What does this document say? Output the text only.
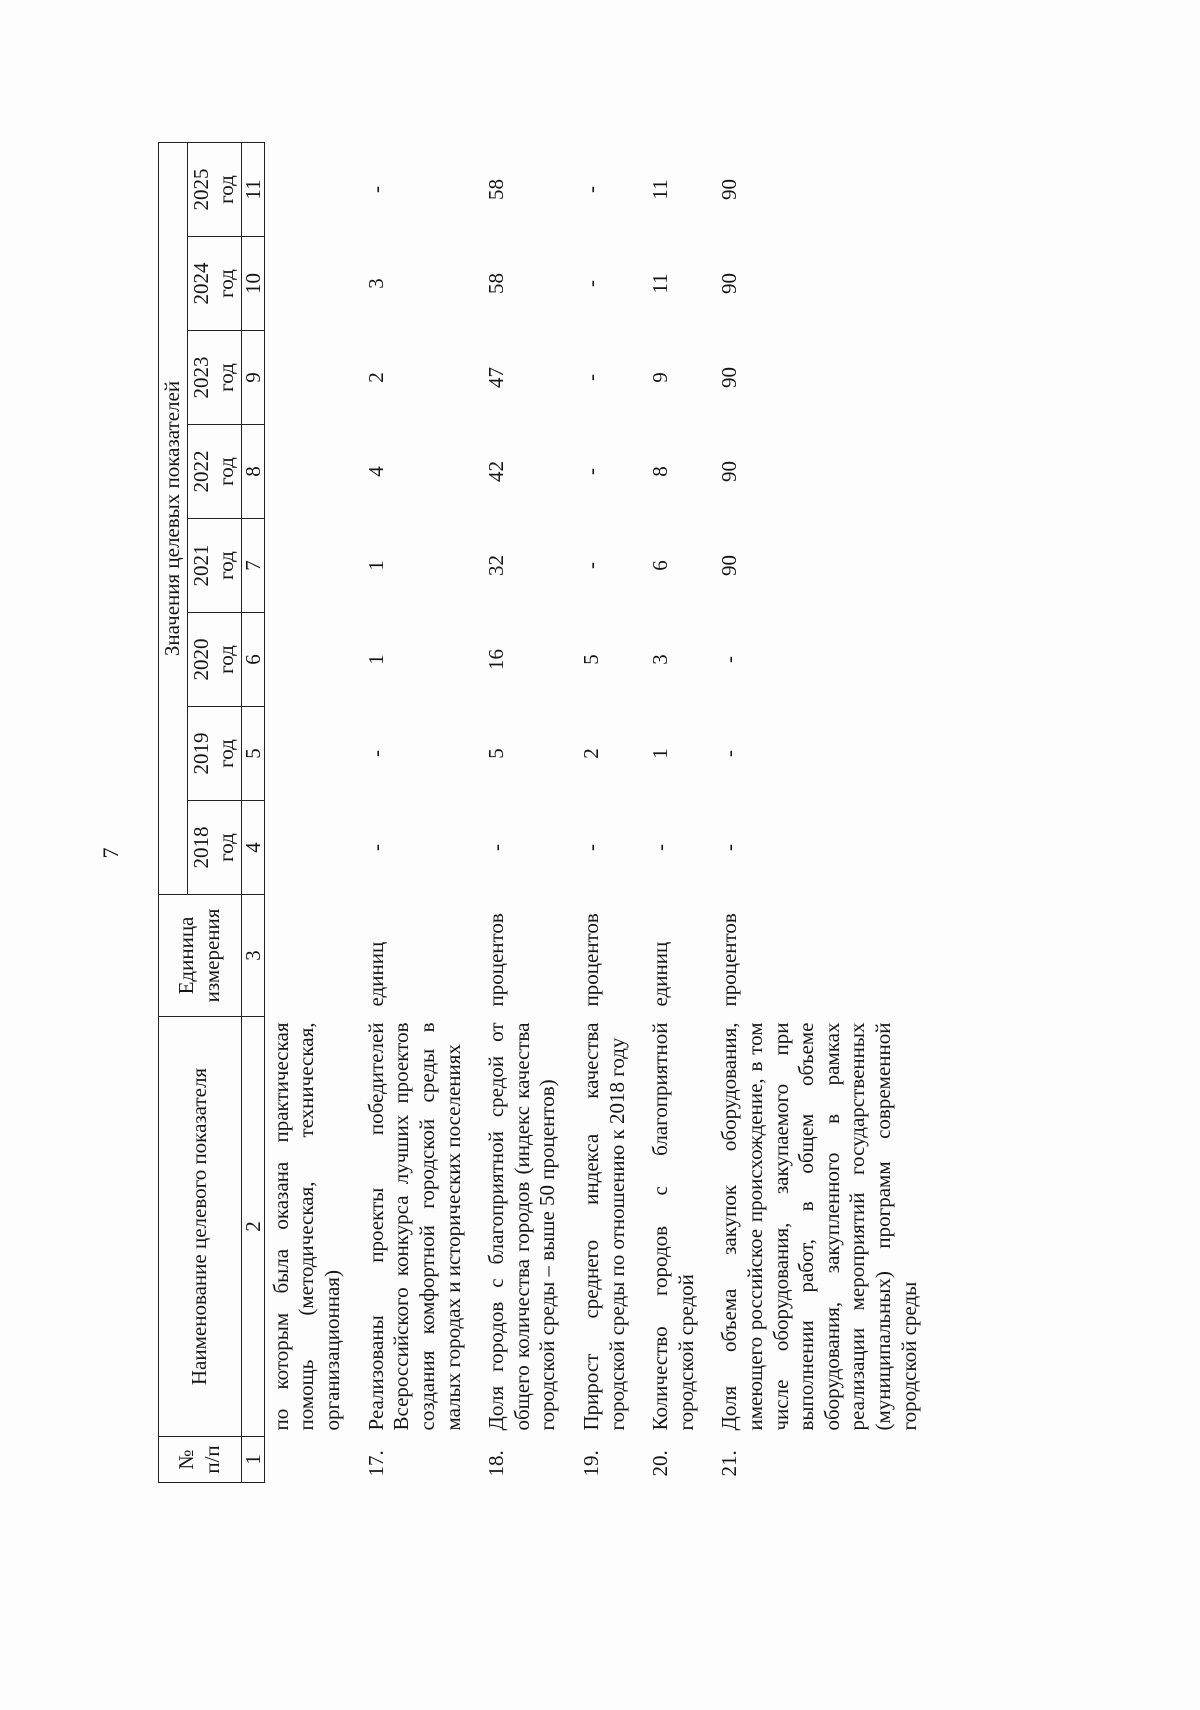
7
№ п/п	Наименование целевого показателя	Единица измерения	Значения целевых показателей							

			2018 год	2019 год	2020 год	2021 год	2022 год	2023 год	2024 год	2025 год

1	2	3	4	5	6	7	8	9	10	11
	по которым была оказана практическая помощь (методическая, техническая, организационная)									
17.	Реализованы проекты победителей Всероссийского конкурса лучших проектов создания комфортной городской среды в малых городах и исторических поселениях	единиц	-	-	1	1	4	2	3	-
18.	Доля городов с благоприятной средой от общего количества городов (индекс качества городской среды – выше 50 процентов)	процентов	-	5	16	32	42	47	58	58
19.	Прирост среднего индекса качества городской среды по отношению к 2018 году	процентов	-	2	5	-	-	-	-	-
20.	Количество городов с благоприятной городской средой	единиц	-	1	3	6	8	9	11	11
21.	Доля объема закупок оборудования, имеющего российское происхождение, в том числе оборудования, закупаемого при выполнении работ, в общем объеме оборудования, закупленного в рамках реализации мероприятий государственных (муниципальных) программ современной городской среды	процентов	-	-	-	90	90	90	90	90
